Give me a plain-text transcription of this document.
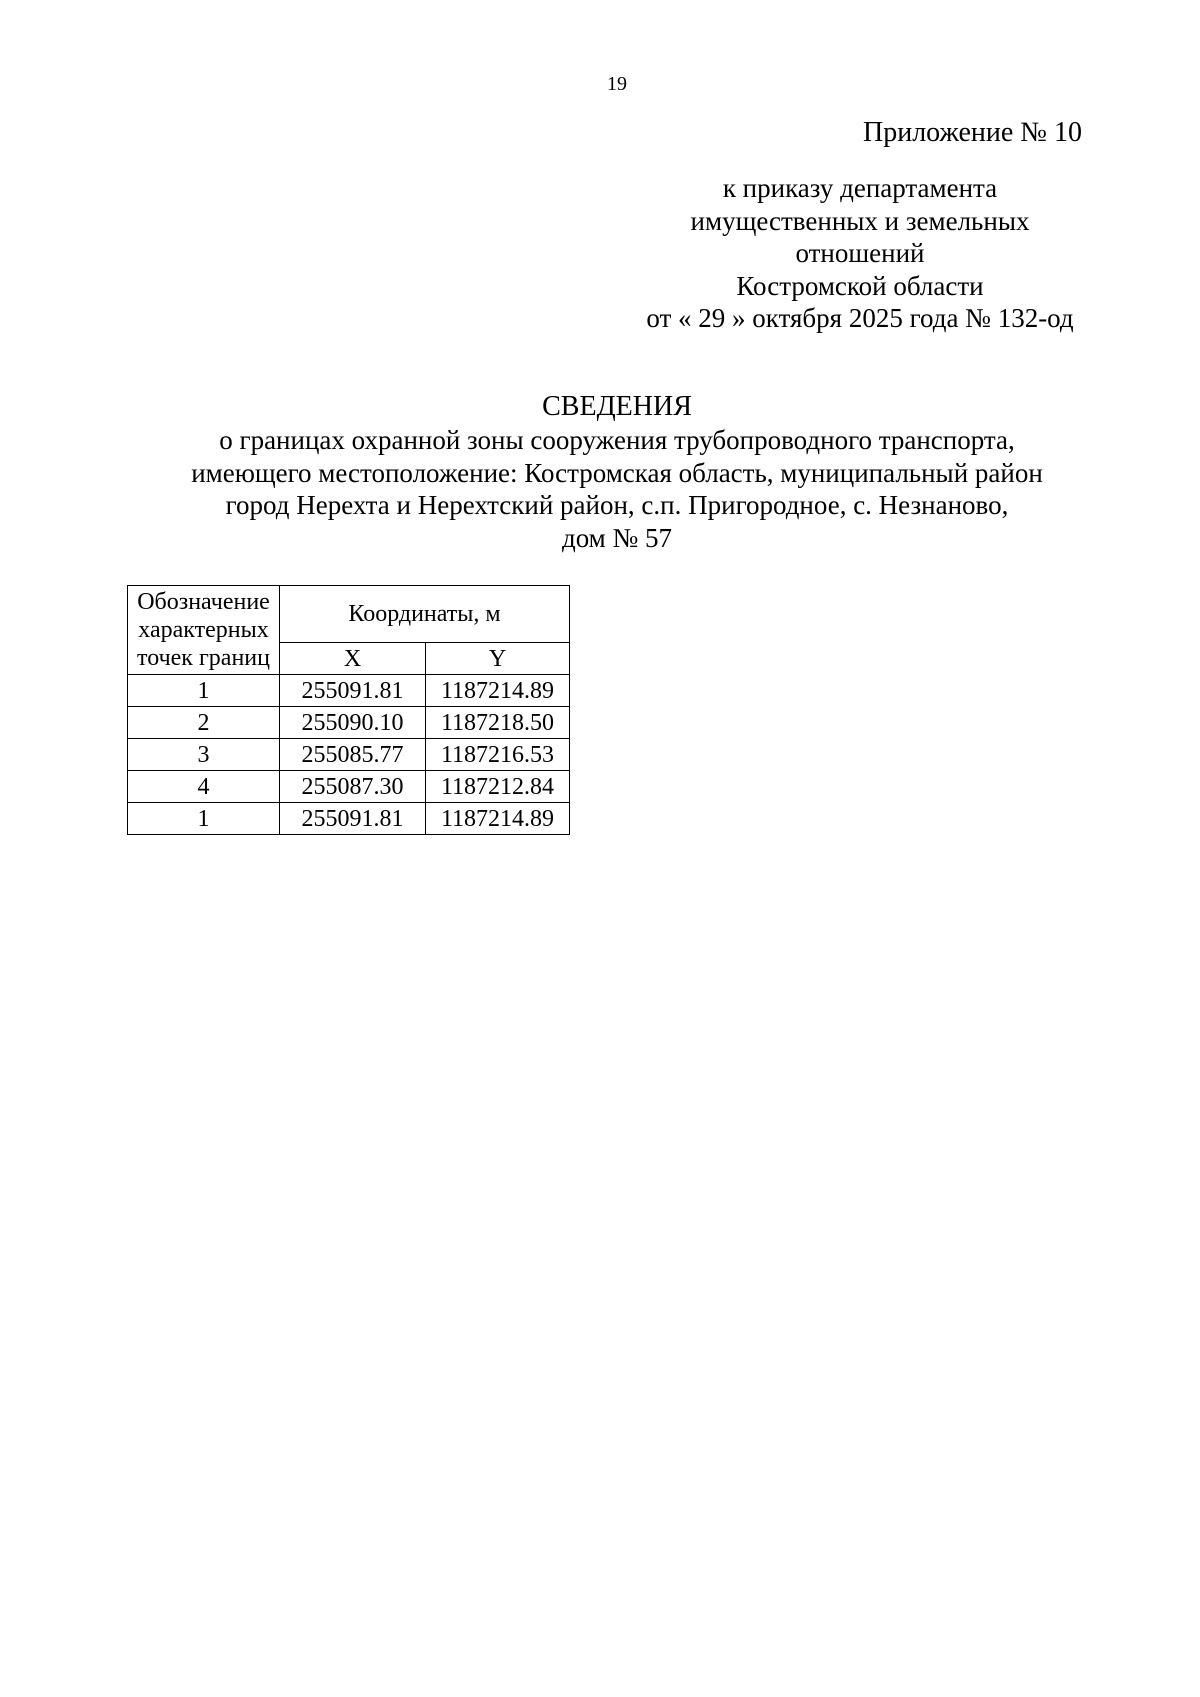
19
Приложение № 10
к приказу департамента
имущественных и земельных
отношений
Костромской области
от « 29 » октября 2025 года № 132-од
СВЕДЕНИЯ
о границах охранной зоны сооружения трубопроводного транспорта,
имеющего местоположение: Костромская область, муниципальный район
город Нерехта и Нерехтский район, с.п. Пригородное, с. Незнаново,
дом № 57
Обозначение характерных точек границ	Координаты, м	
	X	Y
1	255091.81	1187214.89
2	255090.10	1187218.50
3	255085.77	1187216.53
4	255087.30	1187212.84
1	255091.81	1187214.89
